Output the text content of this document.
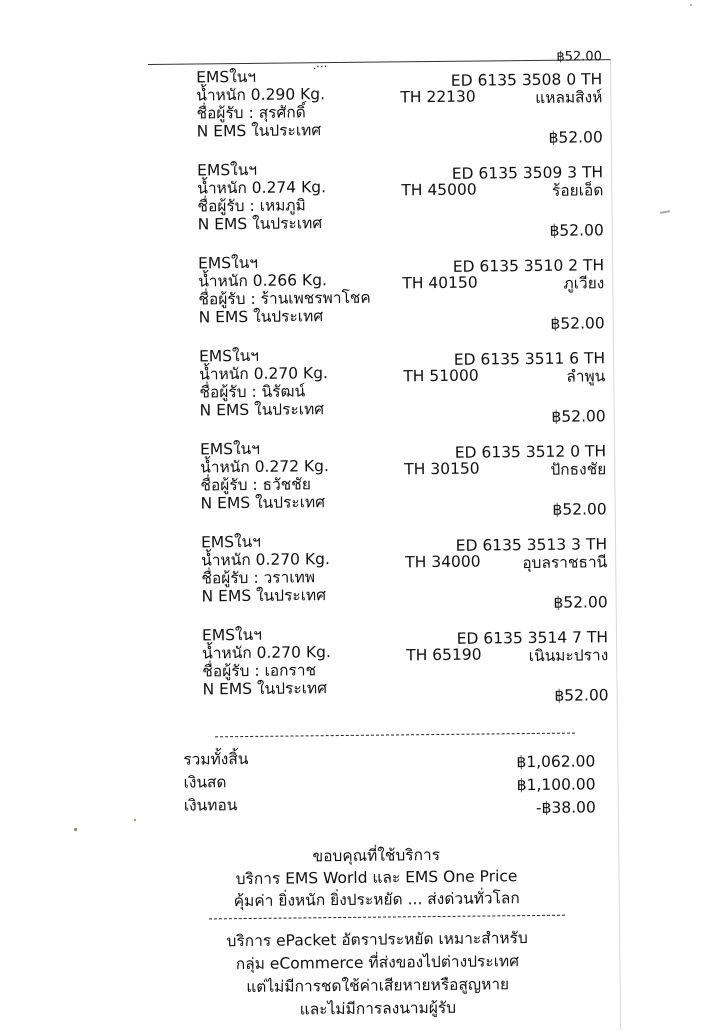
ฺ...	฿52.00
EMSในฯ	ED 6135 3508 0 TH
น้ำหนัก 0.290 Kg.	TH 22130	แหลมสิงห์
ชื่อผู้รับ : สุรศักดิ์
N EMS ในประเทศ	฿52.00
EMSในฯ	ED 6135 3509 3 TH
น้ำหนัก 0.274 Kg.	TH 45000	ร้อยเอ็ด
ชื่อผู้รับ : เหมภูมิ
N EMS ในประเทศ	฿52.00
EMSในฯ	ED 6135 3510 2 TH
น้ำหนัก 0.266 Kg.	TH 40150	ภูเวียง
ชื่อผู้รับ : ร้านเพชรพาโชค
N EMS ในประเทศ	฿52.00
EMSในฯ	ED 6135 3511 6 TH
น้ำหนัก 0.270 Kg.	TH 51000	ลำพูน
ชื่อผู้รับ : นิรัฒน์
N EMS ในประเทศ	฿52.00
EMSในฯ	ED 6135 3512 0 TH
น้ำหนัก 0.272 Kg.	TH 30150	ปักธงชัย
ชื่อผู้รับ : ธวัชชัย
N EMS ในประเทศ	฿52.00
EMSในฯ	ED 6135 3513 3 TH
น้ำหนัก 0.270 Kg.	TH 34000	อุบลราชธานี
ชื่อผู้รับ : วราเทพ
N EMS ในประเทศ	฿52.00
EMSในฯ	ED 6135 3514 7 TH
น้ำหนัก 0.270 Kg.	TH 65190	เนินมะปราง
ชื่อผู้รับ : เอกราช
N EMS ในประเทศ	฿52.00
รวมทั้งสิ้น	฿1,062.00
เงินสด	฿1,100.00
เงินทอน	-฿38.00
ขอบคุณที่ใช้บริการ
บริการ EMS World และ EMS One Price
คุ้มค่า ยิ่งหนัก ยิ่งประหยัด ... ส่งด่วนทั่วโลก
บริการ ePacket อัตราประหยัด เหมาะสำหรับ
กลุ่ม eCommerce ที่ส่งของไปต่างประเทศ
แต่ไม่มีการชดใช้ค่าเสียหายหรือสูญหาย
และไม่มีการลงนามผู้รับ
